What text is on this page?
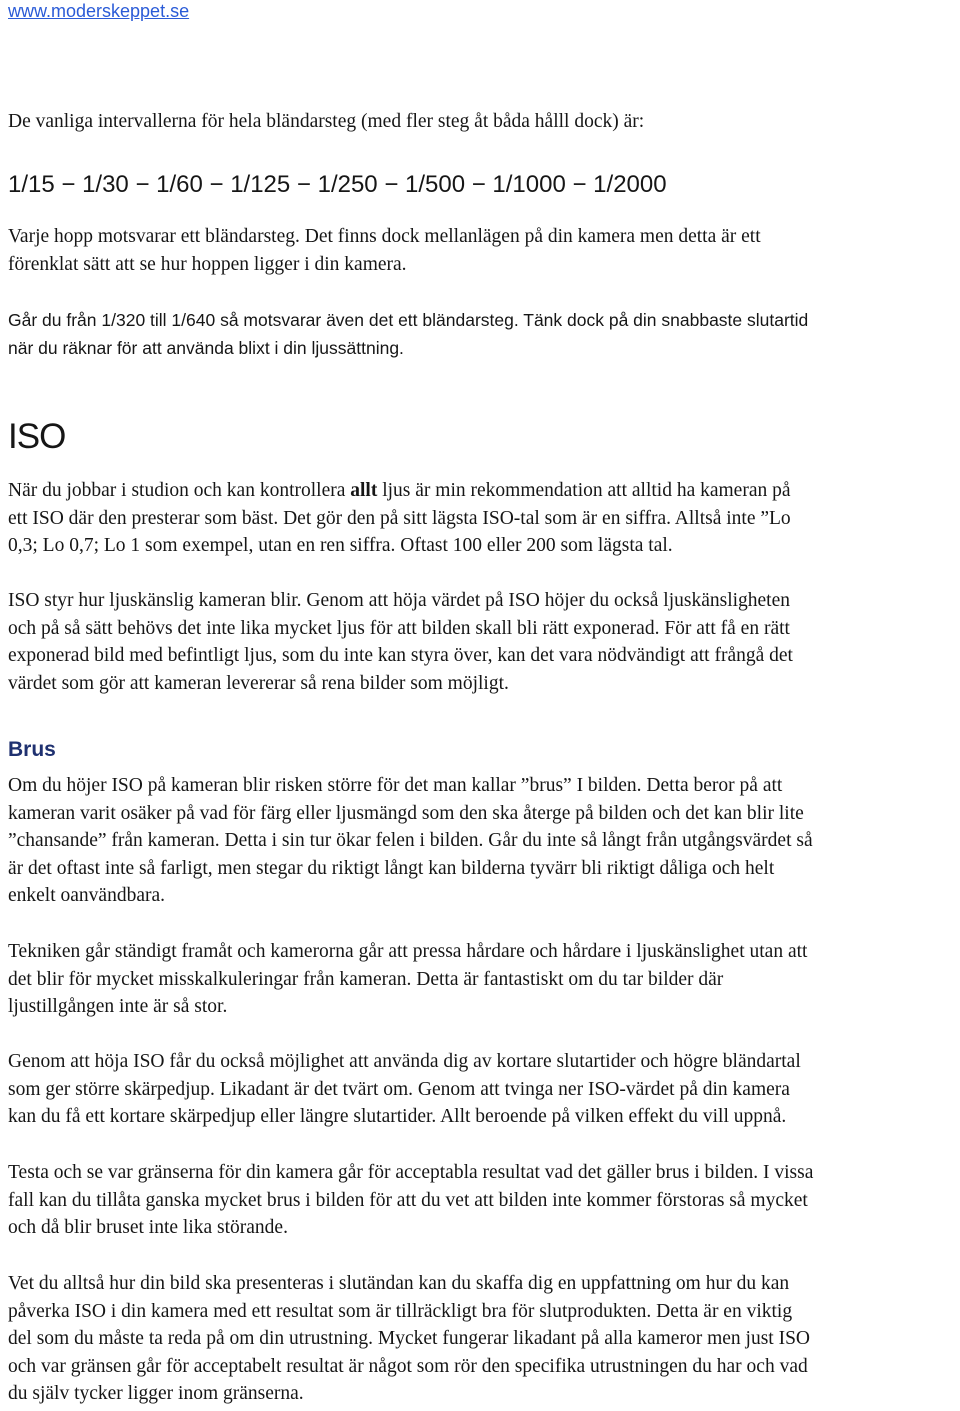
www.moderskeppet.se
De vanliga intervallerna för hela bländarsteg (med fler steg åt båda hålll dock) är:
1/15 − 1/30 − 1/60 − 1/125 − 1/250 − 1/500 − 1/1000 − 1/2000
Varje hopp motsvarar ett bländarsteg. Det finns dock mellanlägen på din kamera men detta är ett
förenklat sätt att se hur hoppen ligger i din kamera.
Går du från 1/320 till 1/640 så motsvarar även det ett bländarsteg. Tänk dock på din snabbaste slutartid
när du räknar för att använda blixt i din ljussättning.
ISO
När du jobbar i studion och kan kontrollera allt ljus är min rekommendation att alltid ha kameran på
ett ISO där den presterar som bäst. Det gör den på sitt lägsta ISO-tal som är en siffra. Alltså inte ”Lo
0,3; Lo 0,7; Lo 1 som exempel, utan en ren siffra. Oftast 100 eller 200 som lägsta tal.
ISO styr hur ljuskänslig kameran blir. Genom att höja värdet på ISO höjer du också ljuskänsligheten
och på så sätt behövs det inte lika mycket ljus för att bilden skall bli rätt exponerad. För att få en rätt
exponerad bild med befintligt ljus, som du inte kan styra över, kan det vara nödvändigt att frångå det
värdet som gör att kameran levererar så rena bilder som möjligt.
Brus
Om du höjer ISO på kameran blir risken större för det man kallar ”brus” I bilden. Detta beror på att
kameran varit osäker på vad för färg eller ljusmängd som den ska återge på bilden och det kan blir lite
”chansande” från kameran. Detta i sin tur ökar felen i bilden. Går du inte så långt från utgångsvärdet så
är det oftast inte så farligt, men stegar du riktigt långt kan bilderna tyvärr bli riktigt dåliga och helt
enkelt oanvändbara.
Tekniken går ständigt framåt och kamerorna går att pressa hårdare och hårdare i ljuskänslighet utan att
det blir för mycket misskalkuleringar från kameran. Detta är fantastiskt om du tar bilder där
ljustillgången inte är så stor.
Genom att höja ISO får du också möjlighet att använda dig av kortare slutartider och högre bländartal
som ger större skärpedjup. Likadant är det tvärt om. Genom att tvinga ner ISO-värdet på din kamera
kan du få ett kortare skärpedjup eller längre slutartider. Allt beroende på vilken effekt du vill uppnå.
Testa och se var gränserna för din kamera går för acceptabla resultat vad det gäller brus i bilden. I vissa
fall kan du tillåta ganska mycket brus i bilden för att du vet att bilden inte kommer förstoras så mycket
och då blir bruset inte lika störande.
Vet du alltså hur din bild ska presenteras i slutändan kan du skaffa dig en uppfattning om hur du kan
påverka ISO i din kamera med ett resultat som är tillräckligt bra för slutprodukten. Detta är en viktig
del som du måste ta reda på om din utrustning. Mycket fungerar likadant på alla kameror men just ISO
och var gränsen går för acceptabelt resultat är något som rör den specifika utrustningen du har och vad
du själv tycker ligger inom gränserna.
